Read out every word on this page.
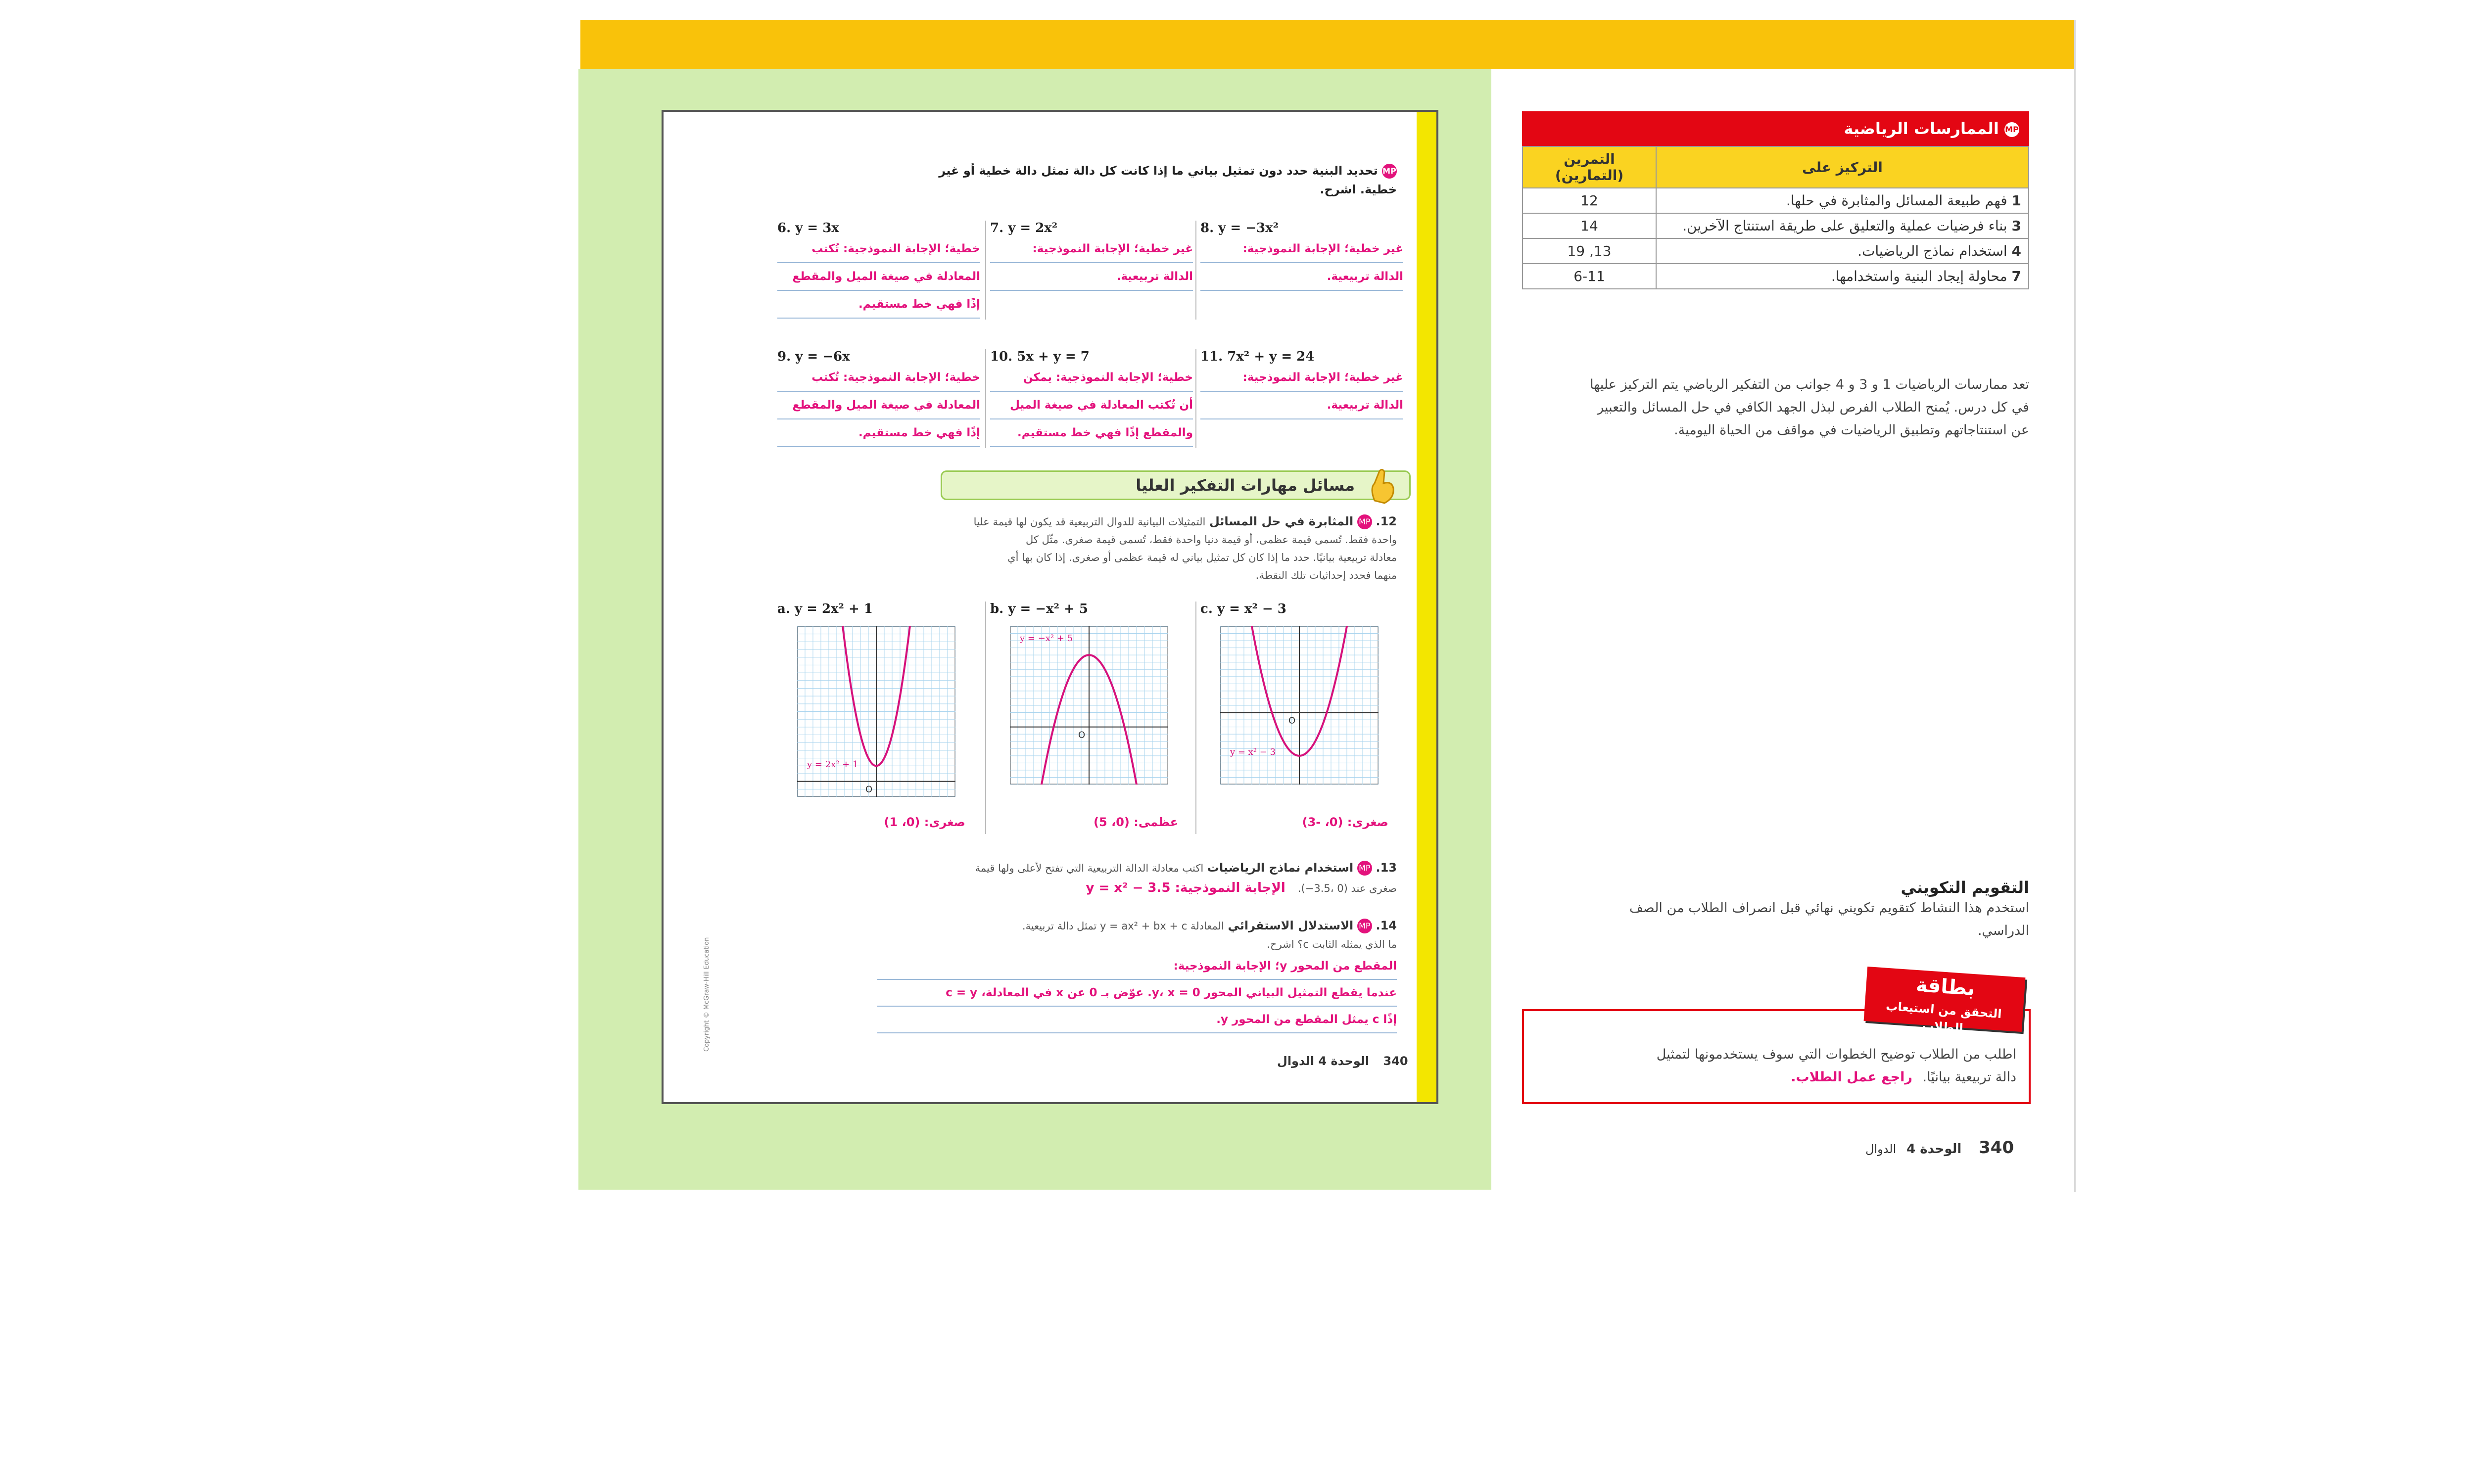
MP تحديد البنية حدد دون تمثيل بياني ما إذا كانت كل دالة تمثل دالة خطية أو غير خطية. اشرح.
6. y = 3x
خطية؛ الإجابة النموذجية: تُكتب
المعادلة في صيغة الميل والمقطع
إذًا فهي خط مستقيم.
7. y = 2x²
غير خطية؛ الإجابة النموذجية:
الدالة تربيعية.
8. y = −3x²
غير خطية؛ الإجابة النموذجية:
الدالة تربيعية.
9. y = −6x
خطية؛ الإجابة النموذجية: تُكتب
المعادلة في صيغة الميل والمقطع
إذًا فهي خط مستقيم.
10. 5x + y = 7
خطية؛ الإجابة النموذجية: يمكن
أن تُكتب المعادلة في صيغة الميل
والمقطع إذًا فهي خط مستقيم.
11. 7x² + y = 24
غير خطية؛ الإجابة النموذجية:
الدالة تربيعية.
مسائل مهارات التفكير العليا
12. MP المثابرة في حل المسائل التمثيلات البيانية للدوال التربيعية قد يكون لها قيمة عليا
واحدة فقط. تُسمى قيمة عظمى، أو قيمة دنيا واحدة فقط، تُسمى قيمة صغرى. مثّل كل
معادلة تربيعية بيانيًا. حدد ما إذا كان كل تمثيل بياني له قيمة عظمى أو صغرى. إذا كان بها أي
منهما فحدد إحداثيات تلك النقطة.
a. y = 2x² + 1
y = 2x² + 1
O
صغرى: (0، 1)
b. y = −x² + 5
y = −x² + 5
O
عظمى: (0، 5)
c. y = x² − 3
y = x² − 3
O
صغرى: (0، -3)
13. MP استخدام نماذج الرياضيات اكتب معادلة الدالة التربيعية التي تفتح لأعلى ولها قيمة
صغرى عند (0 ،3.5−). الإجابة النموذجية: y = x² − 3.5
14. MP الاستدلال الاستقرائي المعادلة y = ax² + bx + c تمثل دالة تربيعية.
ما الذي يمثله الثابت c؟ اشرح.
المقطع من المحور y؛ الإجابة النموذجية:
عندما يقطع التمثيل البياني المحور y، x = 0. عوّض بـ 0 عن x في المعادلة، c = y
إذًا c يمثل المقطع من المحور y.
340 الوحدة 4 الدوال
Copyright © McGraw-Hill Education
MP الممارسات الرياضية
التركيز على	التمرين (التمارين)
1 فهم طبيعة المسائل والمثابرة في حلها.	12
3 بناء فرضيات عملية والتعليق على طريقة استنتاج الآخرين.	14
4 استخدام نماذج الرياضيات.	13, 19
7 محاولة إيجاد البنية واستخدامها.	6-11
تعد ممارسات الرياضيات 1 و 3 و 4 جوانب من التفكير الرياضي يتم التركيز عليها
في كل درس. يُمنح الطلاب الفرص لبذل الجهد الكافي في حل المسائل والتعبير
عن استنتاجاتهم وتطبيق الرياضيات في مواقف من الحياة اليومية.
التقويم التكويني
استخدم هذا النشاط كتقويم تكويني نهائي قبل انصراف الطلاب من الصف
الدراسي.
اطلب من الطلاب توضيح الخطوات التي سوف يستخدمونها لتمثيل
دالة تربيعية بيانيًا. راجع عمل الطلاب.
بطاقة
التحقق من استيعاب الطلاب
340 الوحدة 4 الدوال
